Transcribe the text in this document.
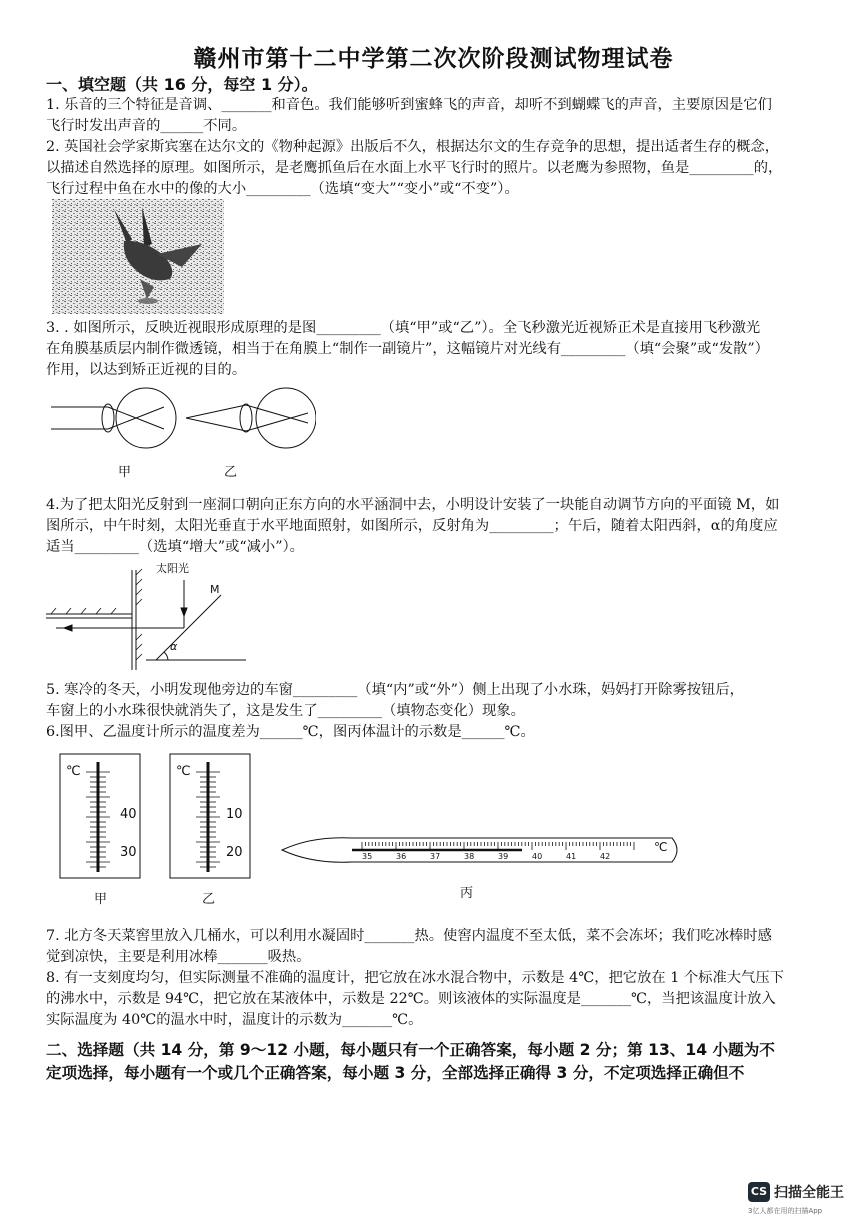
赣州市第十二中学第二次次阶段测试物理试卷
一、填空题（共 16 分，每空 1 分）。
1. 乐音的三个特征是音调、_______和音色。我们能够听到蜜蜂飞的声音，却听不到蝴蝶飞的声音，主要原因是它们
飞行时发出声音的______不同。
2. 英国社会学家斯宾塞在达尔文的《物种起源》出版后不久，根据达尔文的生存竞争的思想，提出适者生存的概念，
以描述自然选择的原理。如图所示，是老鹰抓鱼后在水面上水平飞行时的照片。以老鹰为参照物，鱼是_________的，
飞行过程中鱼在水中的像的大小_________（选填“变大”“变小”或“不变”）。
3. . 如图所示，反映近视眼形成原理的是图_________（填“甲”或“乙”）。全飞秒激光近视矫正术是直接用飞秒激光
在角膜基质层内制作微透镜，相当于在角膜上“制作一副镜片”，这幅镜片对光线有_________（填“会聚”或“发散”）
作用，以达到矫正近视的目的。
甲	乙
4.为了把太阳光反射到一座洞口朝向正东方向的水平涵洞中去，小明设计安装了一块能自动调节方向的平面镜 M，如
图所示，中午时刻，太阳光垂直于水平地面照射，如图所示，反射角为_________；午后，随着太阳西斜，α的角度应
适当_________（选填“增大”或“减小”）。
太阳光
M
α
5. 寒冷的冬天，小明发现他旁边的车窗_________（填“内”或“外”）侧上出现了小水珠，妈妈打开除雾按钮后，
车窗上的小水珠很快就消失了，这是发生了_________（填物态变化）现象。
6.图甲、乙温度计所示的温度差为______℃，图丙体温计的示数是______℃。
℃
40
30
甲
℃
10
20
乙
35	36	37	38	39	40	41	42
℃
丙
7. 北方冬天菜窖里放入几桶水，可以利用水凝固时_______热。使窖内温度不至太低，菜不会冻坏；我们吃冰棒时感
觉到凉快，主要是利用冰棒_______吸热。
8. 有一支刻度均匀，但实际测量不准确的温度计，把它放在冰水混合物中，示数是 4℃，把它放在 1 个标准大气压下
的沸水中，示数是 94℃，把它放在某液体中，示数是 22℃。则该液体的实际温度是_______℃，当把该温度计放入
实际温度为 40℃的温水中时，温度计的示数为_______℃。
二、选择题（共 14 分，第 9～12 小题，每小题只有一个正确答案，每小题 2 分；第 13、14 小题为不
定项选择，每小题有一个或几个正确答案，每小题 3 分，全部选择正确得 3 分，不定项选择正确但不
CS 扫描全能王
3亿人都在用的扫描App
